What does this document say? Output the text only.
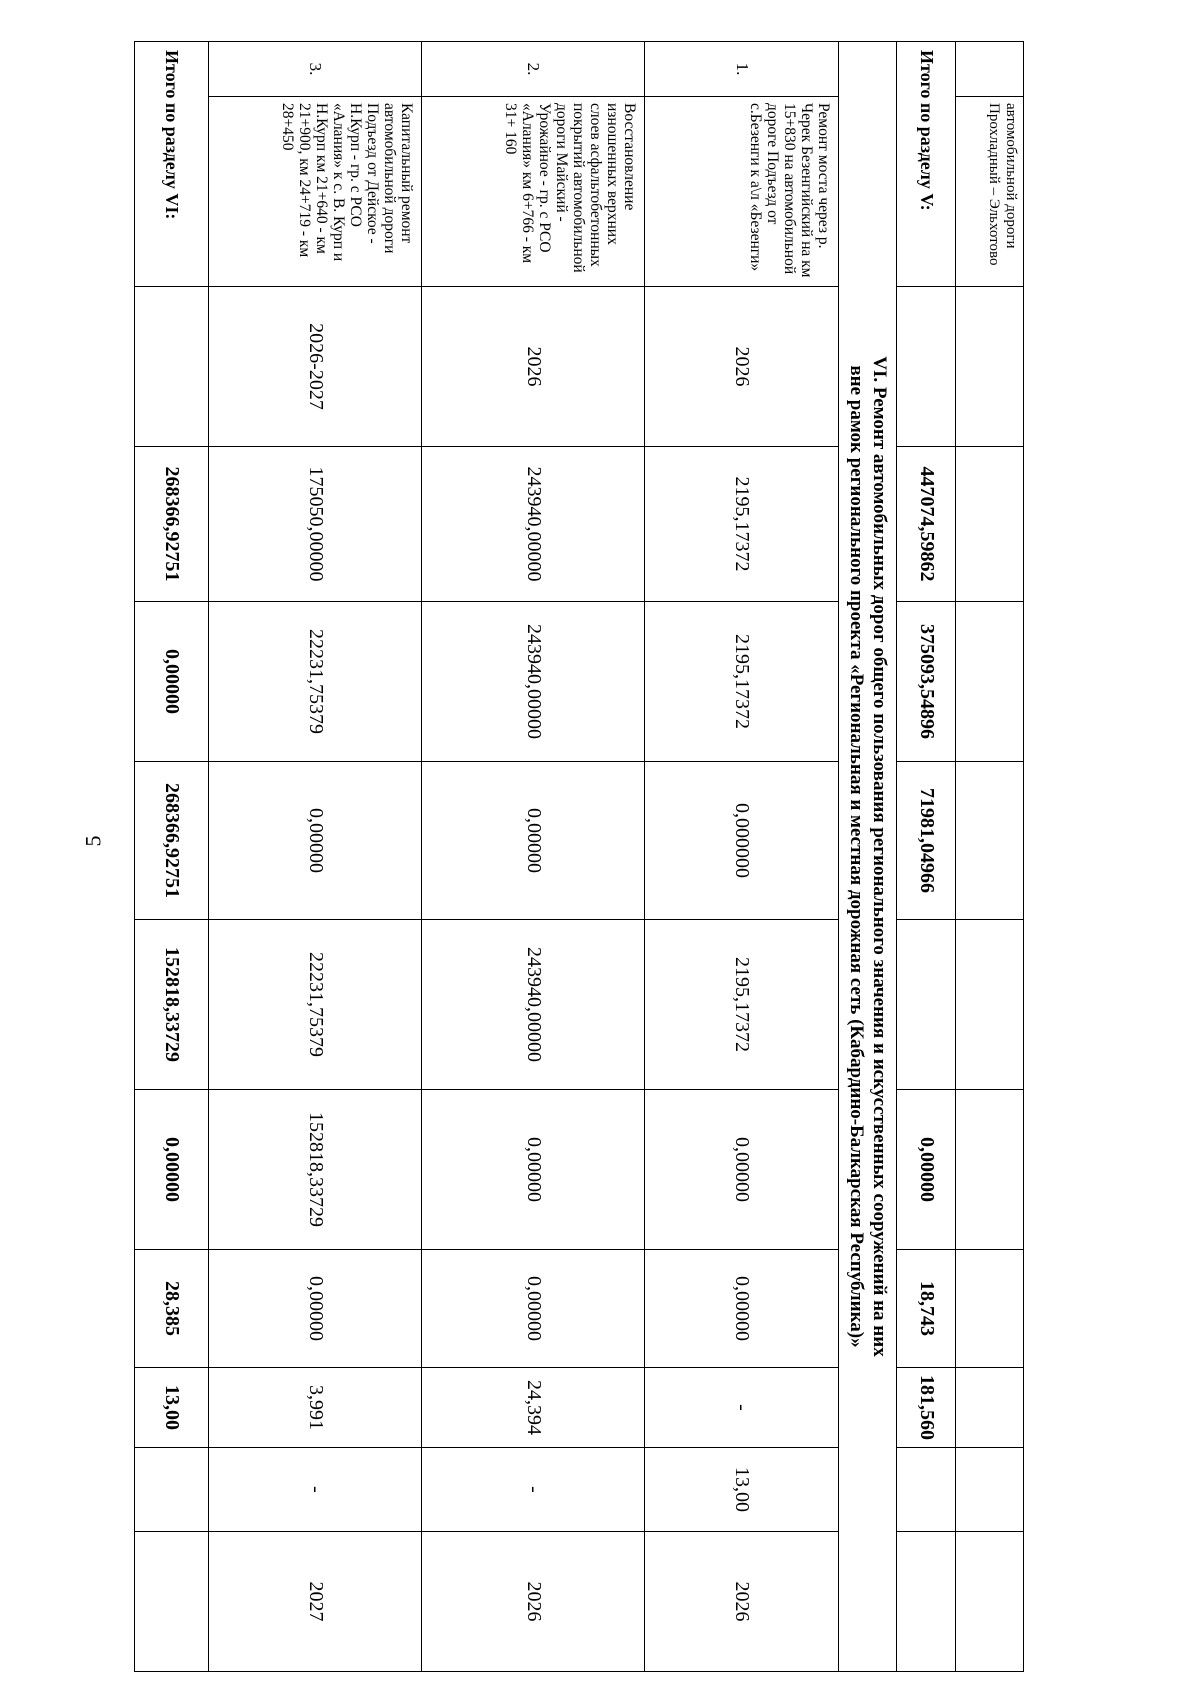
5
	автомобильной дороги Прохладный – Эльхотово										
Итого по разделу V:			447074,59862	375093,54896	71981,04966		0,00000	18,743	181,560		

VI. Ремонт автомобильных дорог общего пользования регионального значения и искусственных сооружений на них
вне рамок регионального проекта «Региональная и местная дорожная сеть (Кабардино-Балкарская Республика)»											

1.	Ремонт моста через р. Черек Безенгийский на км 15+830 на автомобильной дороге Подъезд от с.Безенги к а\л «Безенги»	2026	2195,17372	2195,17372	0,000000	2195,17372	0,00000	0,00000	-	13,00	2026
2.	Восстановление изношенных верхних слоев асфальтобетонных покрытий автомобильной дороги Майский - Урожайное - гр. с РСО «Алания» км 6+766 - км 31+ 160	2026	243940,00000	243940,00000	0,00000	243940,00000	0,00000	0,00000	24,394	-	2026
3.	Капитальный ремонт автомобильной дороги Подъезд от Дейское - Н.Курп - гр. с РСО «Алания» к с. В. Курп и Н.Курп км 21+640 - км 21+900, км 24+719 - км 28+450	2026-2027	175050,00000	22231,75379	0,00000	22231,75379	152818,33729	0,00000	3,991	-	2027
Итого по разделу VI:			268366,92751	0,00000	268366,92751	152818,33729	0,00000	28,385	13,00		
